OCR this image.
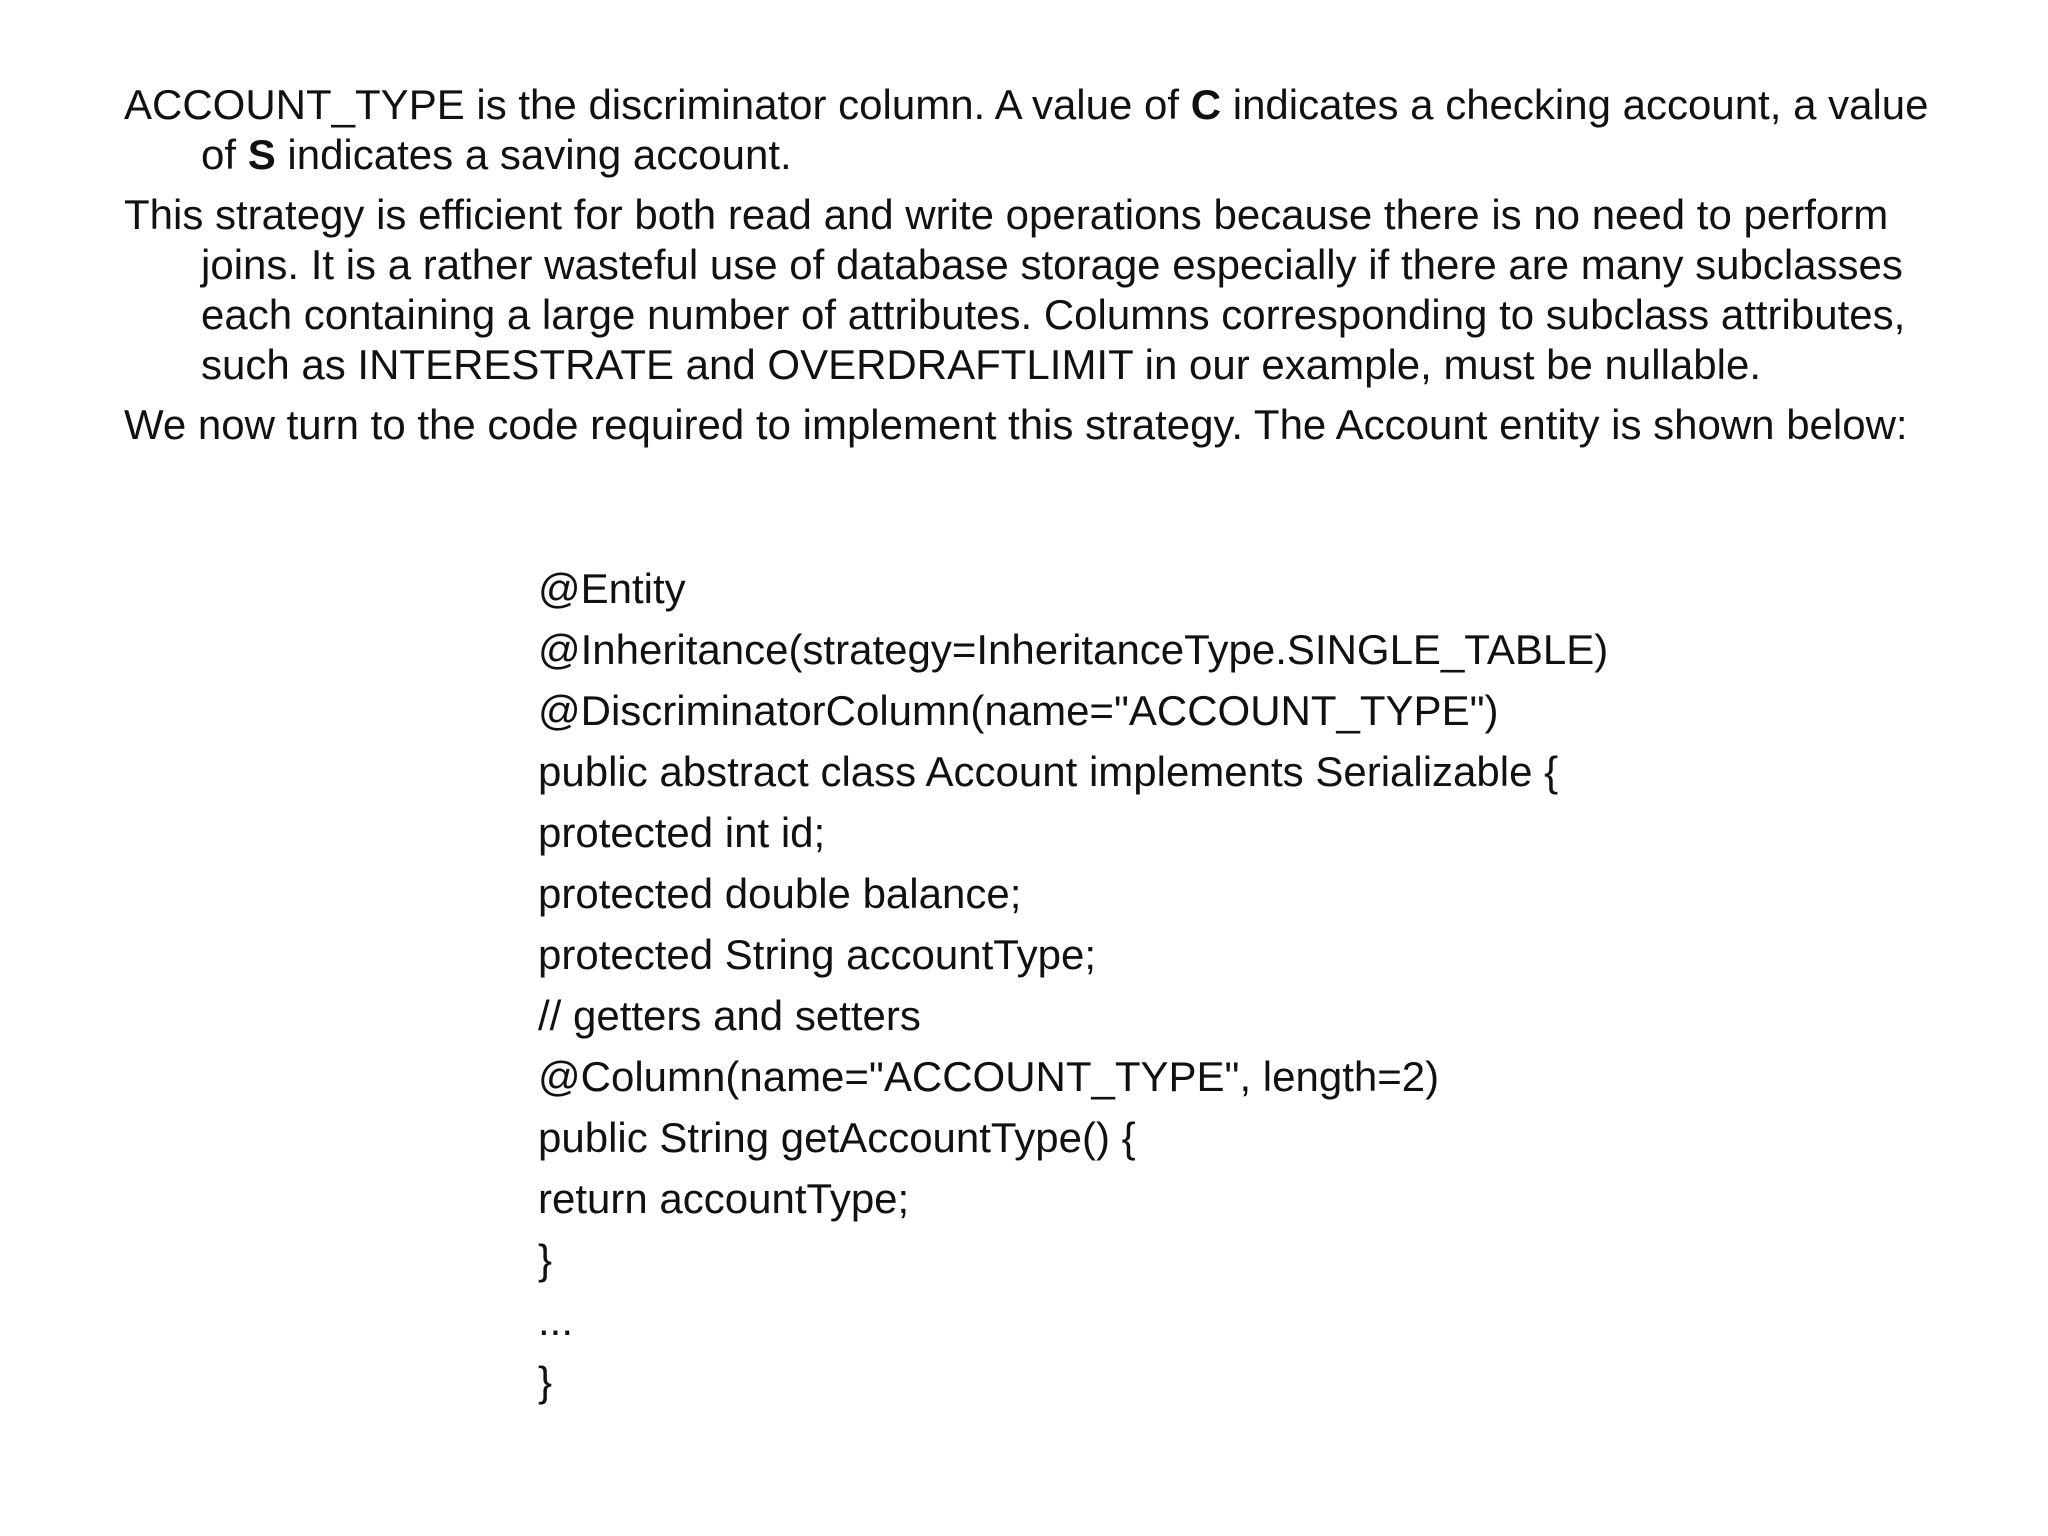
ACCOUNT_TYPE is the discriminator column. A value of C indicates a checking account, a value of S indicates a saving account.

This strategy is efficient for both read and write operations because there is no need to perform joins. It is a rather wasteful use of database storage especially if there are many subclasses each containing a large number of attributes. Columns corresponding to subclass attributes, such as INTERESTRATE and OVERDRAFTLIMIT in our example, must be nullable.

We now turn to the code required to implement this strategy. The Account entity is shown below:

@Entity
@Inheritance(strategy=InheritanceType.SINGLE_TABLE)
@DiscriminatorColumn(name="ACCOUNT_TYPE")
public abstract class Account implements Serializable {
protected int id;
protected double balance;
protected String accountType;
// getters and setters
@Column(name="ACCOUNT_TYPE", length=2)
public String getAccountType() {
return accountType;
}
...
}
